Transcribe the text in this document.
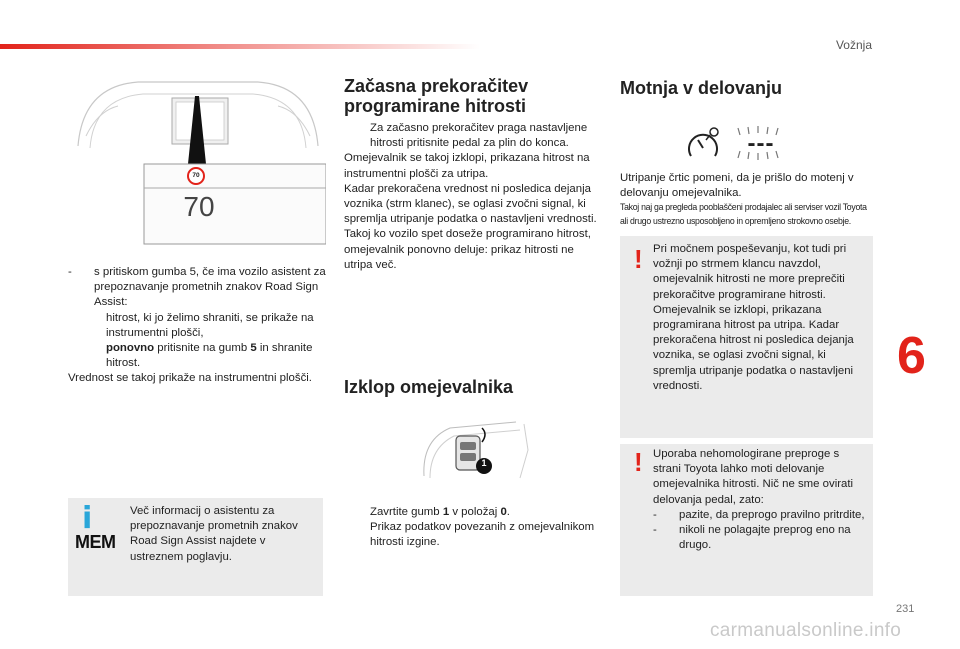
Vožnja
6
231
70
70
- s pritiskom gumba 5, če ima vozilo asistent za prepoznavanje prometnih znakov Road Sign Assist:

hitrost, ki jo želimo shraniti, se prikaže na instrumentni plošči,

ponovno pritisnite na gumb 5 in shranite hitrost.

Vrednost se takoj prikaže na instrumentni plošči.

i
MEM

Več informacij o asistentu za prepoznavanje prometnih znakov Road Sign Assist najdete v ustreznem poglavju.

Začasna prekoračitev programirane hitrosti

Za začasno prekoračitev praga nastavljene hitrosti pritisnite pedal za plin do konca.

Omejevalnik se takoj izklopi, prikazana hitrost na instrumentni plošči za utripa.

Kadar prekoračena vrednost ni posledica dejanja voznika (strm klanec), se oglasi zvočni signal, ki spremlja utripanje podatka o nastavljeni vrednosti.

Takoj ko vozilo spet doseže programirano hitrost, omejevalnik ponovno deluje: prikaz hitrosti ne utripa več.

Izklop omejevalnika
1

Zavrtite gumb 1 v položaj 0.

Prikaz podatkov povezanih z omejevalnikom hitrosti izgine.

Motnja v delovanju
---

Utripanje črtic pomeni, da je prišlo do motenj v delovanju omejevalnika.

Takoj naj ga pregleda pooblaščeni prodajalec ali serviser vozil Toyota ali drugo ustrezno usposobljeno in opremljeno strokovno osebje.

! Pri močnem pospeševanju, kot tudi pri vožnji po strmem klancu navzdol, omejevalnik hitrosti ne more preprečiti prekoračitve programirane hitrosti. Omejevalnik se izklopi, prikazana programirana hitrost pa utripa. Kadar prekoračena hitrost ni posledica dejanja voznika, se oglasi zvočni signal, ki spremlja utripanje podatka o nastavljeni vrednosti.

! Uporaba nehomologirane preproge s strani Toyota lahko moti delovanje omejevalnika hitrosti. Nič ne sme ovirati delovanja pedal, zato:

- pazite, da preprogo pravilno pritrdite,

- nikoli ne polagajte preprog eno na drugo.

carmanualsonline.info
